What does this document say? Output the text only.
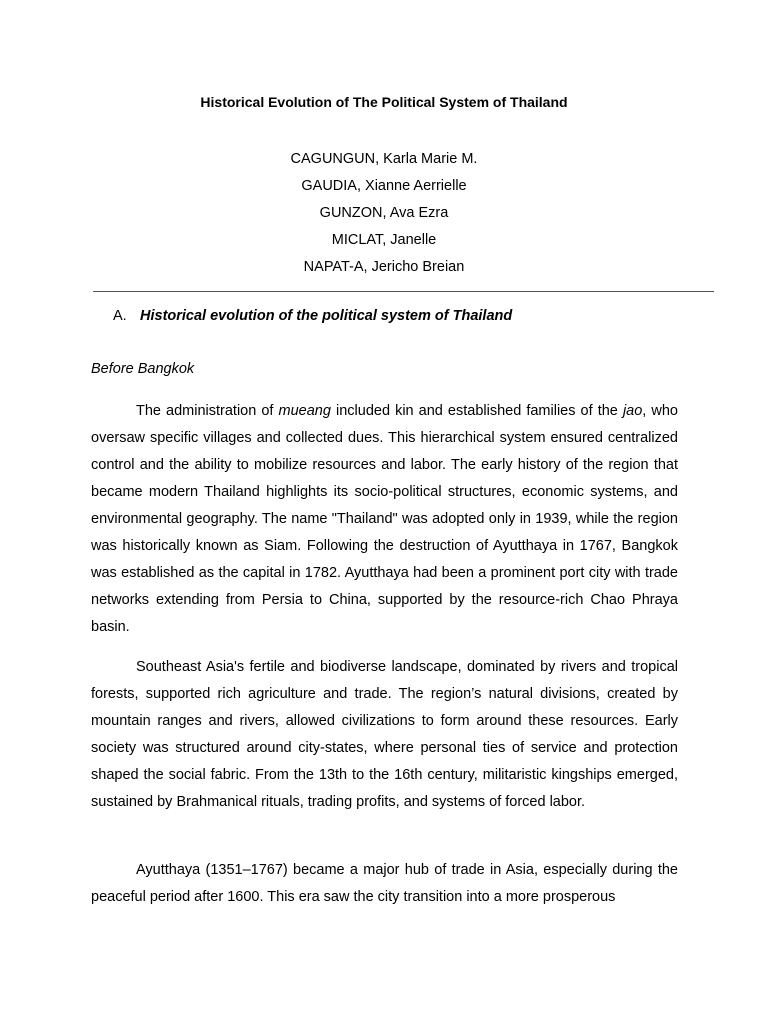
Historical Evolution of The Political System of Thailand
CAGUNGUN, Karla Marie M.
GAUDIA, Xianne Aerrielle
GUNZON, Ava Ezra
MICLAT, Janelle
NAPAT-A, Jericho Breian
A. Historical evolution of the political system of Thailand
Before Bangkok

The administration of mueang included kin and established families of the jao, who oversaw specific villages and collected dues. This hierarchical system ensured centralized control and the ability to mobilize resources and labor. The early history of the region that became modern Thailand highlights its socio-political structures, economic systems, and environmental geography. The name "Thailand" was adopted only in 1939, while the region was historically known as Siam. Following the destruction of Ayutthaya in 1767, Bangkok was established as the capital in 1782. Ayutthaya had been a prominent port city with trade networks extending from Persia to China, supported by the resource-rich Chao Phraya basin.

Southeast Asia's fertile and biodiverse landscape, dominated by rivers and tropical forests, supported rich agriculture and trade. The region’s natural divisions, created by mountain ranges and rivers, allowed civilizations to form around these resources. Early society was structured around city-states, where personal ties of service and protection shaped the social fabric. From the 13th to the 16th century, militaristic kingships emerged, sustained by Brahmanical rituals, trading profits, and systems of forced labor.

Ayutthaya (1351–1767) became a major hub of trade in Asia, especially during the peaceful period after 1600. This era saw the city transition into a more prosperous
